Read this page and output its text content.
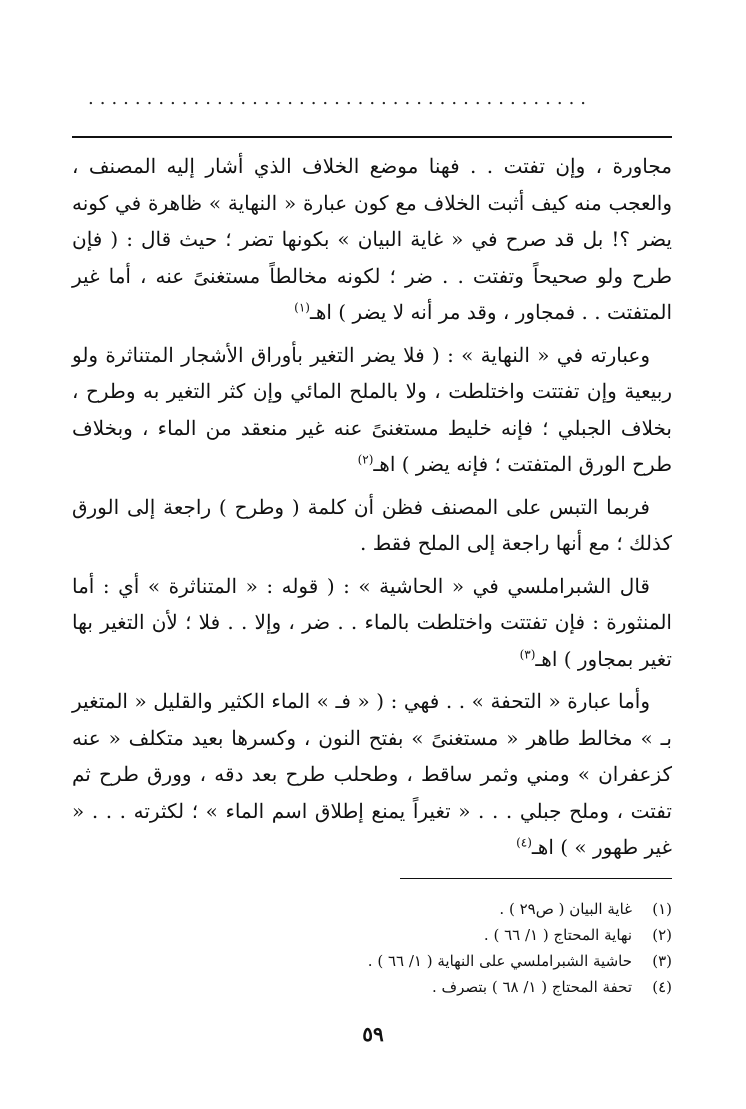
...........................................
مجاورة ، وإن تفتت . . فهنا موضع الخلاف الذي أشار إليه المصنف ، والعجب منه كيف أثبت الخلاف مع كون عبارة « النهاية » ظاهرة في كونه يضر ؟! بل قد صرح في « غاية البيان » بكونها تضر ؛ حيث قال : ( فإن طرح ولو صحيحاً وتفتت . . ضر ؛ لكونه مخالطاً مستغنىً عنه ، أما غير المتفتت . . فمجاور ، وقد مر أنه لا يضر ) اهـ$^{(١)}$
وعبارته في « النهاية » : ( فلا يضر التغير بأوراق الأشجار المتناثرة ولو ربيعية وإن تفتتت واختلطت ، ولا بالملح المائي وإن كثر التغير به وطرح ، بخلاف الجبلي ؛ فإنه خليط مستغنىً عنه غير منعقد من الماء ، وبخلاف طرح الورق المتفتت ؛ فإنه يضر ) اهـ$^{(٢)}$
فربما التبس على المصنف فظن أن كلمة ( وطرح ) راجعة إلى الورق كذلك ؛ مع أنها راجعة إلى الملح فقط .
قال الشبراملسي في « الحاشية » : ( قوله : « المتناثرة » أي : أما المنثورة : فإن تفتتت واختلطت بالماء . . ضر ، وإلا . . فلا ؛ لأن التغير بها تغير بمجاور ) اهـ$^{(٣)}$
وأما عبارة « التحفة » . . فهي : ( « فـ » الماء الكثير والقليل « المتغير بـ » مخالط طاهر « مستغنىً » بفتح النون ، وكسرها بعيد متكلف « عنه كزعفران » ومني وثمر ساقط ، وطحلب طرح بعد دقه ، وورق طرح ثم تفتت ، وملح جبلي . . . « تغيراً يمنع إطلاق اسم الماء » ؛ لكثرته . . . « غير طهور » ) اهـ$^{(٤)}$
(١)
غاية البيان ( ص٢٩ ) .
(٢)
نهاية المحتاج ( ١/ ٦٦ ) .
(٣)
حاشية الشبراملسي على النهاية ( ١/ ٦٦ ) .
(٤)
تحفة المحتاج ( ١/ ٦٨ ) بتصرف .
٥٩
